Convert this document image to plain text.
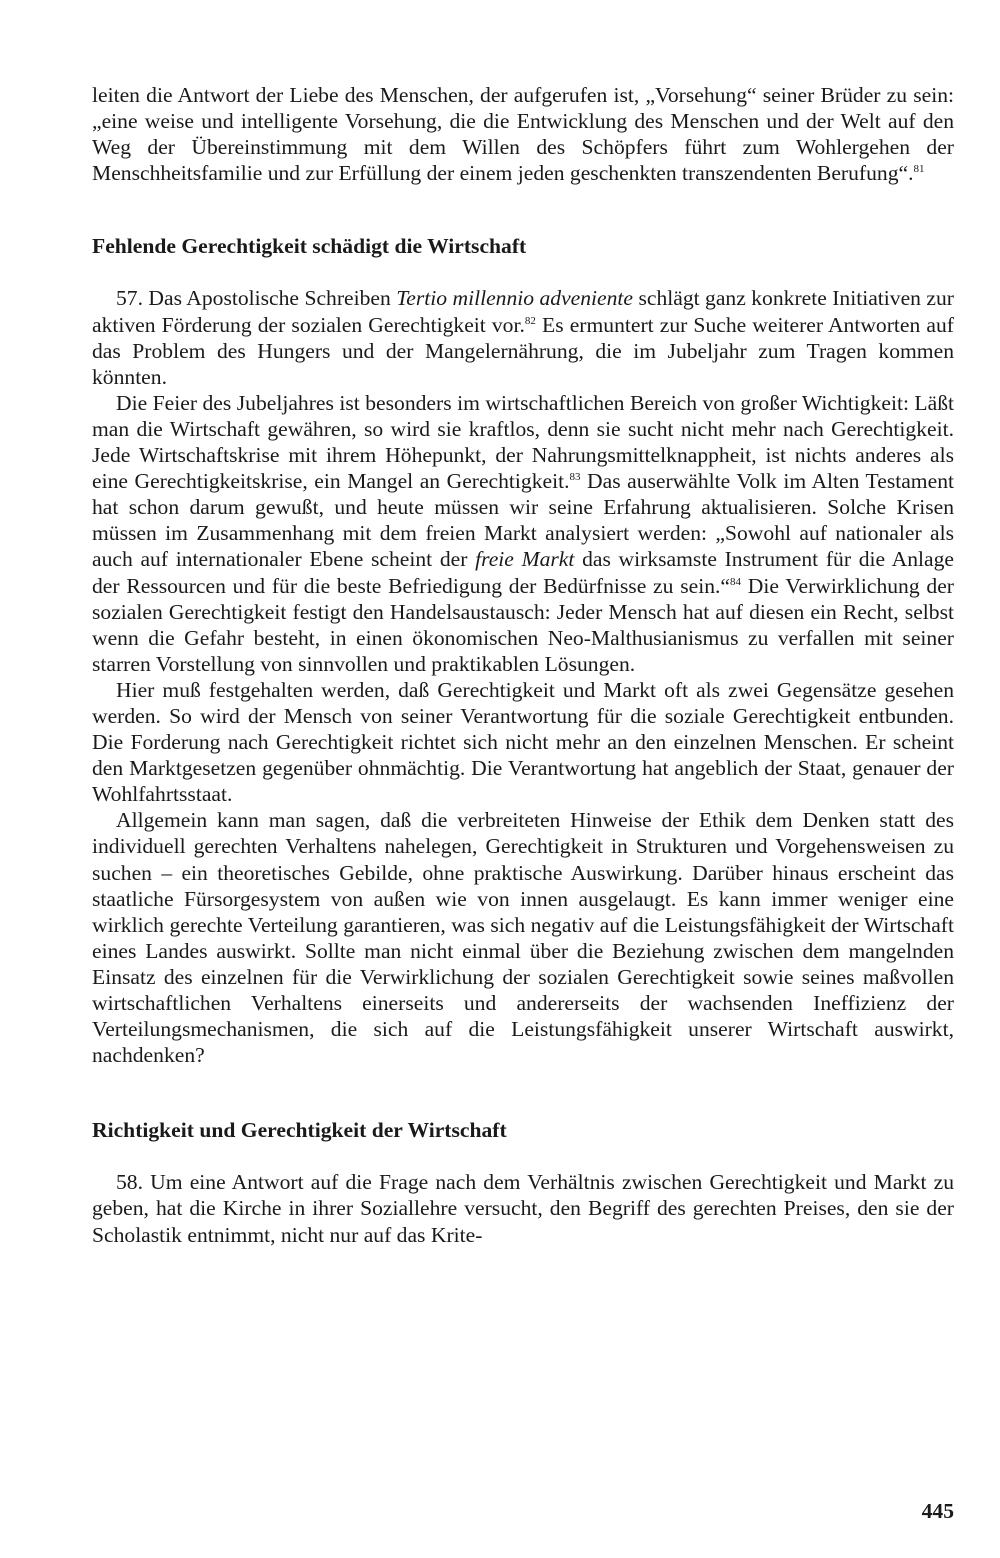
leiten die Antwort der Liebe des Menschen, der aufgerufen ist, „Vorsehung“ seiner Brüder zu sein: „eine weise und intelligente Vorsehung, die die Entwicklung des Menschen und der Welt auf den Weg der Übereinstimmung mit dem Willen des Schöpfers führt zum Wohlergehen der Menschheitsfamilie und zur Erfüllung der einem jeden geschenkten transzendenten Berufung“.$^{81}$

Fehlende Gerechtigkeit schädigt die Wirtschaft

57. Das Apostolische Schreiben Tertio millennio adveniente schlägt ganz konkrete Initiativen zur aktiven Förderung der sozialen Gerechtigkeit vor.$^{82}$ Es ermuntert zur Suche weiterer Antworten auf das Problem des Hungers und der Mangelernährung, die im Jubeljahr zum Tragen kommen könnten.

Die Feier des Jubeljahres ist besonders im wirtschaftlichen Bereich von großer Wichtigkeit: Läßt man die Wirtschaft gewähren, so wird sie kraftlos, denn sie sucht nicht mehr nach Gerechtigkeit. Jede Wirtschaftskrise mit ihrem Höhepunkt, der Nahrungsmittelknappheit, ist nichts anderes als eine Gerechtigkeitskrise, ein Mangel an Gerechtigkeit.$^{83}$ Das auserwählte Volk im Alten Testament hat schon darum gewußt, und heute müssen wir seine Erfahrung aktualisieren. Solche Krisen müssen im Zusammenhang mit dem freien Markt analysiert werden: „Sowohl auf nationaler als auch auf internationaler Ebene scheint der freie Markt das wirksamste Instrument für die Anlage der Ressourcen und für die beste Befriedigung der Bedürfnisse zu sein.“$^{84}$ Die Verwirklichung der sozialen Gerechtigkeit festigt den Handelsaustausch: Jeder Mensch hat auf diesen ein Recht, selbst wenn die Gefahr besteht, in einen ökonomischen Neo-Malthusianismus zu verfallen mit seiner starren Vorstellung von sinnvollen und praktikablen Lösungen.

Hier muß festgehalten werden, daß Gerechtigkeit und Markt oft als zwei Gegensätze gesehen werden. So wird der Mensch von seiner Verantwortung für die soziale Gerechtigkeit entbunden. Die Forderung nach Gerechtigkeit richtet sich nicht mehr an den einzelnen Menschen. Er scheint den Marktgesetzen gegenüber ohnmächtig. Die Verantwortung hat angeblich der Staat, genauer der Wohlfahrtsstaat.

Allgemein kann man sagen, daß die verbreiteten Hinweise der Ethik dem Denken statt des individuell gerechten Verhaltens nahelegen, Gerechtigkeit in Strukturen und Vorgehensweisen zu suchen – ein theoretisches Gebilde, ohne praktische Auswirkung. Darüber hinaus erscheint das staatliche Fürsorgesystem von außen wie von innen ausgelaugt. Es kann immer weniger eine wirklich gerechte Verteilung garantieren, was sich negativ auf die Leistungsfähigkeit der Wirtschaft eines Landes auswirkt. Sollte man nicht einmal über die Beziehung zwischen dem mangelnden Einsatz des einzelnen für die Verwirklichung der sozialen Gerechtigkeit sowie seines maßvollen wirtschaftlichen Verhaltens einerseits und andererseits der wachsenden Ineffizienz der Verteilungsmechanismen, die sich auf die Leistungsfähigkeit unserer Wirtschaft auswirkt, nachdenken?

Richtigkeit und Gerechtigkeit der Wirtschaft

58. Um eine Antwort auf die Frage nach dem Verhältnis zwischen Gerechtigkeit und Markt zu geben, hat die Kirche in ihrer Soziallehre versucht, den Begriff des gerechten Preises, den sie der Scholastik entnimmt, nicht nur auf das Krite-

445
